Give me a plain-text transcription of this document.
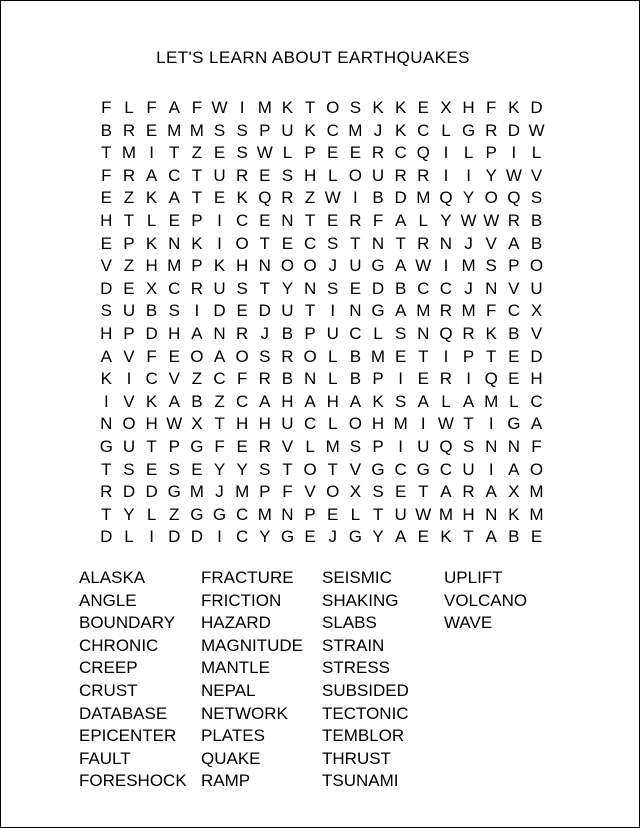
LET'S LEARN ABOUT EARTHQUAKES
F L F A F W I M K T O S K K E X H F K D
B R E M M S S P U K C M J K C L G R D W
T M I T Z E S W L P E E R C Q I L P I L
F R A C T U R E S H L O U R R I	I Y W V
E Z K A T E K Q R Z W I B D M Q Y O Q S
H T L E P I C E N T E R F A L Y W W R B
E P K N K I O T E C S T N T R N J V A B
V Z H M P K H N O O J U G A W I M S P O
D E X C R U S T Y N S E D B C C J N V U
S U B S I D E D U T I N G A M R M F C X
H P D H A N R J B P U C L S N Q R K B V
A V F E O A O S R O L B M E T I P T E D
K I C V Z C F R B N L B P I E R I Q E H
I V K A B Z C A H A H A K S A L A M L C
N O H W X T H H U C L O H M I W T I G A
G U T P G F E R V L M S P I U Q S N N F
T S E S E Y Y S T O T V G C G C U I A O
R D D G M J M P F V O X S E T A R A X M
T Y L Z G G C M N P E L T U W M H N K M
D L I D D I C Y G E J G Y A E K T A B E
ALASKA
ANGLE
BOUNDARY
CHRONIC
CREEP
CRUST
DATABASE
EPICENTER
FAULT
FORESHOCK
FRACTURE
FRICTION
HAZARD
MAGNITUDE
MANTLE
NEPAL
NETWORK
PLATES
QUAKE
RAMP
SEISMIC
SHAKING
SLABS
STRAIN
STRESS
SUBSIDED
TECTONIC
TEMBLOR
THRUST
TSUNAMI
UPLIFT
VOLCANO
WAVE
